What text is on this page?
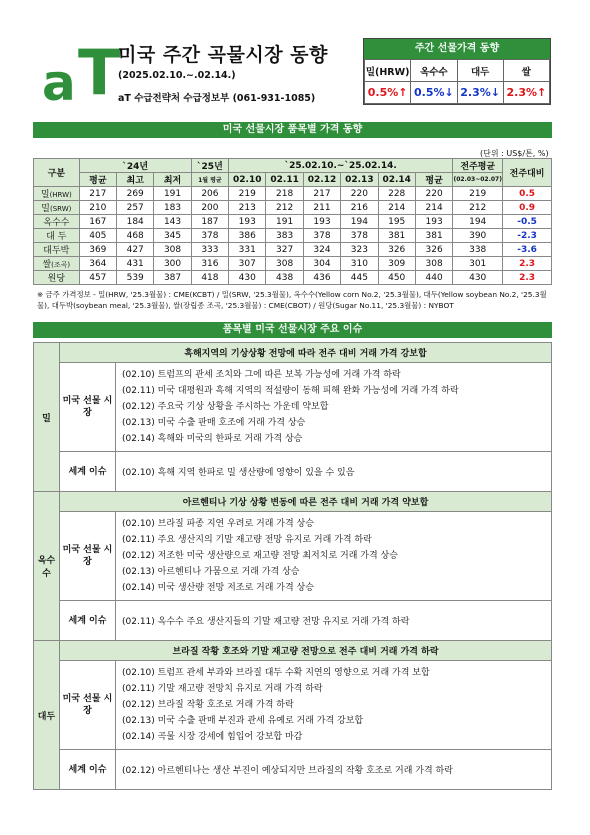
a T
미국 주간 곡물시장 동향
(2025.02.10.~.02.14.)
aT 수급전략처 수급정보부 (061-931-1085)
주간 선물가격 동향
밀(HRW)	옥수수	대두	쌀
0.5%↑	0.5%↓	2.3%↓	2.3%↑
미국 선물시장 품목별 가격 동향
(단위 : US$/톤, %)
구분	`24년			`25년	`25.02.10.~`25.02.14.						전주평균	전주대비
	평균	최고	최저	1월 평균	02.10	02.11	02.12	02.13	02.14	평균	(02.03~02.07)	
밀(HRW)	217	269	191	206	219	218	217	220	228	220	219	0.5
밀(SRW)	210	257	183	200	213	212	211	216	214	214	212	0.9
옥수수	167	184	143	187	193	191	193	194	195	193	194	-0.5
대 두	405	468	345	378	386	383	378	378	381	381	390	-2.3
대두박	369	427	308	333	331	327	324	323	326	326	338	-3.6
쌀(조곡)	364	431	300	316	307	308	304	310	309	308	301	2.3
원당	457	539	387	418	430	438	436	445	450	440	430	2.3
※ 금주 가격정보 - 밀(HRW, '25.3월물) : CME(KCBT) / 밀(SRW, '25.3월물), 옥수수(Yellow corn No.2, '25.3월물), 대두(Yellow soybean No.2, '25.3월물), 대두박(soybean meal, '25.3월물), 쌀(장립종 조곡, '25.3월물) : CME(CBOT) / 원당(Sugar No.11, '25.3월물) : NYBOT
품목별 미국 선물시장 주요 이슈
밀	흑해지역의 기상상황 전망에 따라 전주 대비 거래 가격 강보합	
	미국 선물 시장	(02.10) 트럼프의 관세 조치와 그에 따른 보복 가능성에 거래 가격 하락
(02.11) 미국 대평원과 흑해 지역의 적설량이 동해 피해 완화 가능성에 거래 가격 하락
(02.12) 주요국 기상 상황을 주시하는 가운데 약보합
(02.13) 미국 수출 판매 호조에 거래 가격 상승
(02.14) 흑해와 미국의 한파로 거래 가격 상승

	세계 이슈	(02.10) 흑해 지역 한파로 밀 생산량에 영향이 있을 수 있음
옥수수	아르헨티나 기상 상황 변동에 따른 전주 대비 거래 가격 약보합	
	미국 선물 시장	(02.10) 브라질 파종 지연 우려로 거래 가격 상승
(02.11) 주요 생산지의 기말 재고량 전망 유지로 거래 가격 하락
(02.12) 저조한 미국 생산량으로 재고량 전망 최저치로 거래 가격 상승
(02.13) 아르헨티나 가뭄으로 거래 가격 상승
(02.14) 미국 생산량 전망 저조로 거래 가격 상승

	세계 이슈	(02.11) 옥수수 주요 생산지들의 기말 재고량 전망 유지로 거래 가격 하락
대두	브라질 작황 호조와 기말 재고량 전망으로 전주 대비 거래 가격 하락	
	미국 선물 시장	(02.10) 트럼프 관세 부과와 브라질 대두 수확 지연의 영향으로 거래 가격 보합
(02.11) 기말 재고량 전망치 유지로 거래 가격 하락
(02.12) 브라질 작황 호조로 거래 가격 하락
(02.13) 미국 수출 판매 부진과 관세 유예로 거래 가격 강보합
(02.14) 곡물 시장 강세에 힘입어 강보합 마감

	세계 이슈	(02.12) 아르헨티나는 생산 부진이 예상되지만 브라질의 작황 호조로 거래 가격 하락
